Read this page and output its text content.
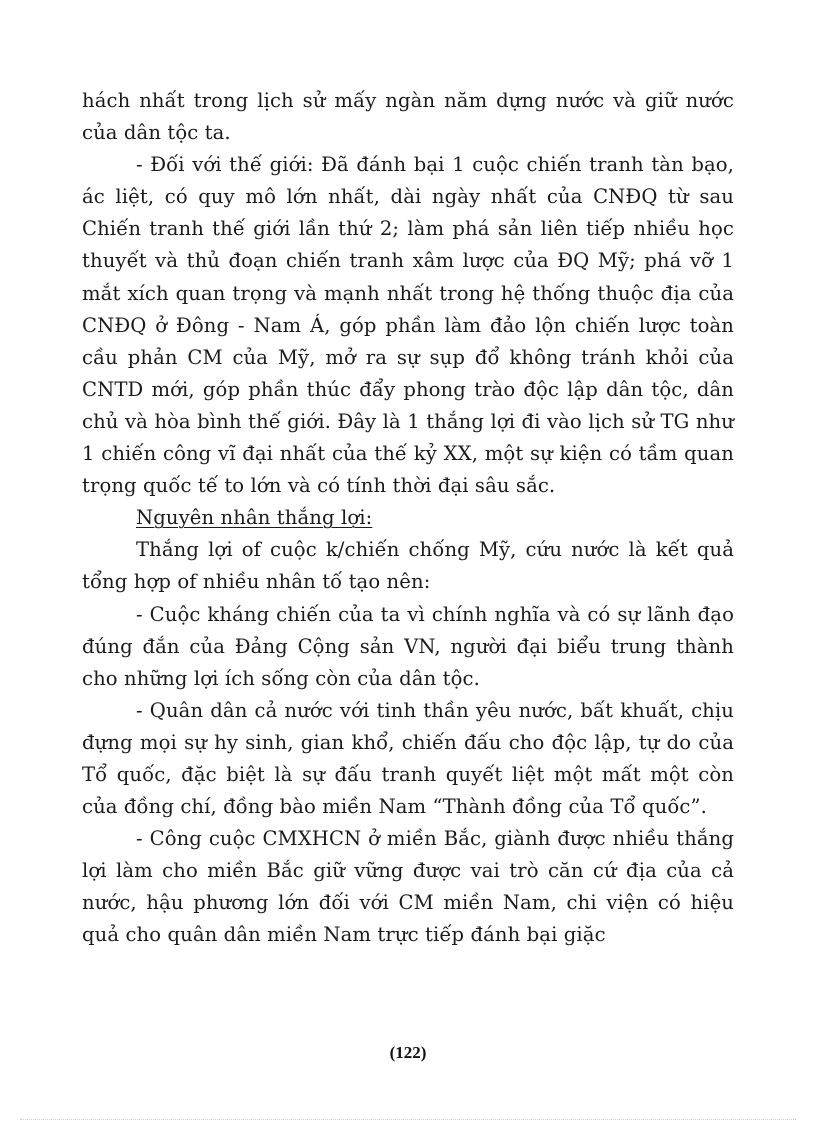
hách nhất trong lịch sử mấy ngàn năm dựng nước và giữ nước của dân tộc ta.

- Đối với thế giới: Đã đánh bại 1 cuộc chiến tranh tàn bạo, ác liệt, có quy mô lớn nhất, dài ngày nhất của CNĐQ từ sau Chiến tranh thế giới lần thứ 2; làm phá sản liên tiếp nhiều học thuyết và thủ đoạn chiến tranh xâm lược của ĐQ Mỹ; phá vỡ 1 mắt xích quan trọng và mạnh nhất trong hệ thống thuộc địa của CNĐQ ở Đông - Nam Á, góp phần làm đảo lộn chiến lược toàn cầu phản CM của Mỹ, mở ra sự sụp đổ không tránh khỏi của CNTD mới, góp phần thúc đẩy phong trào độc lập dân tộc, dân chủ và hòa bình thế giới. Đây là 1 thắng lợi đi vào lịch sử TG như 1 chiến công vĩ đại nhất của thế kỷ XX, một sự kiện có tầm quan trọng quốc tế to lớn và có tính thời đại sâu sắc.

Nguyên nhân thắng lợi:

Thắng lợi of cuộc k/chiến chống Mỹ, cứu nước là kết quả tổng hợp of nhiều nhân tố tạo nên:

- Cuộc kháng chiến của ta vì chính nghĩa và có sự lãnh đạo đúng đắn của Đảng Cộng sản VN, người đại biểu trung thành cho những lợi ích sống còn của dân tộc.

- Quân dân cả nước với tinh thần yêu nước, bất khuất, chịu đựng mọi sự hy sinh, gian khổ, chiến đấu cho độc lập, tự do của Tổ quốc, đặc biệt là sự đấu tranh quyết liệt một mất một còn của đồng chí, đồng bào miền Nam “Thành đồng của Tổ quốc”.

- Công cuộc CMXHCN ở miền Bắc, giành được nhiều thắng lợi làm cho miền Bắc giữ vững được vai trò căn cứ địa của cả nước, hậu phương lớn đối với CM miền Nam, chi viện có hiệu quả cho quân dân miền Nam trực tiếp đánh bại giặc

(122)
